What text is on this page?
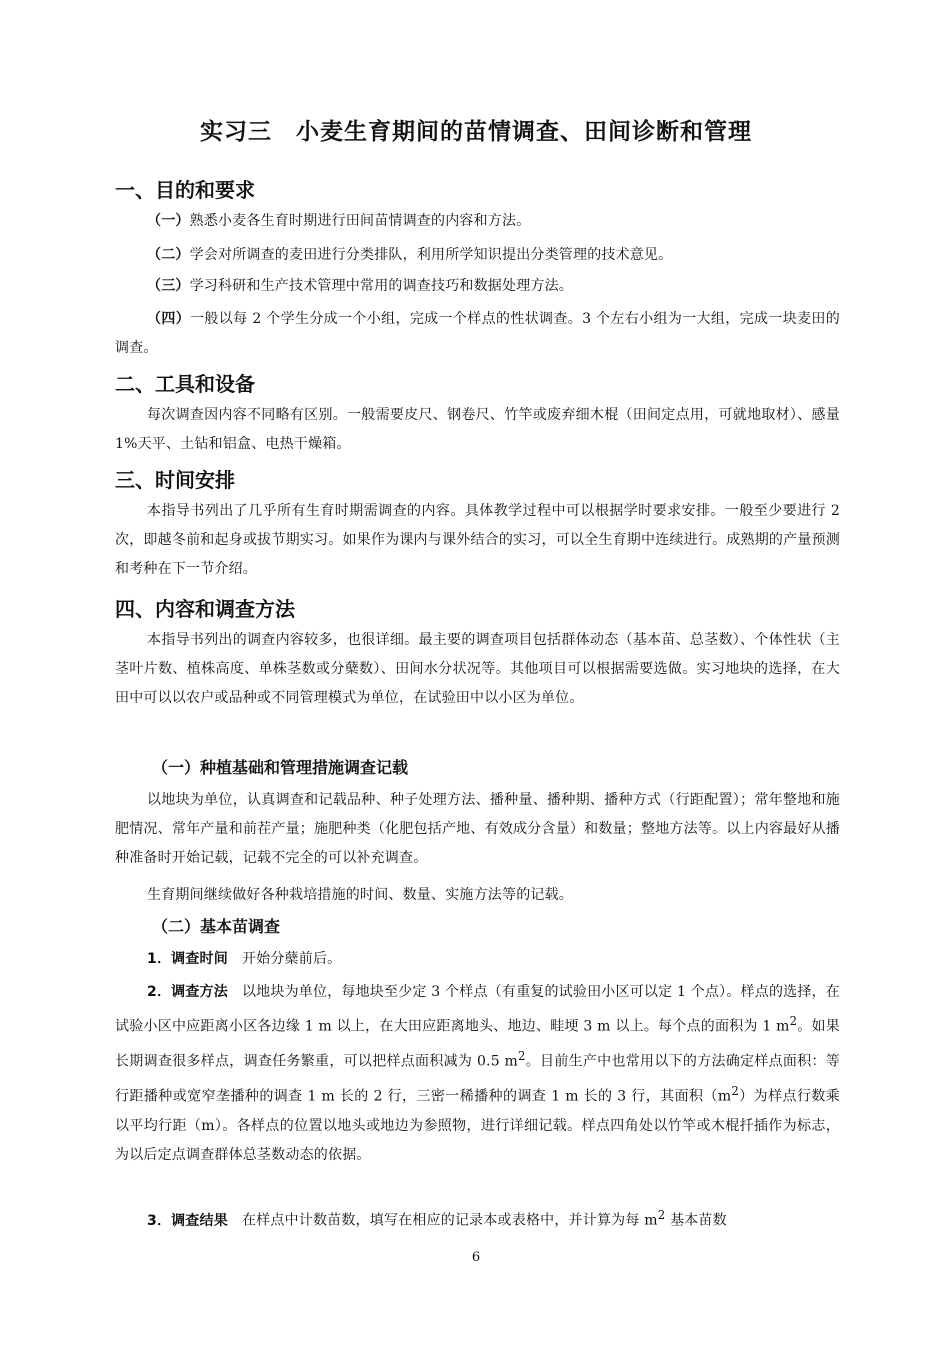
实习三　小麦生育期间的苗情调查、田间诊断和管理
一、目的和要求

（一）熟悉小麦各生育时期进行田间苗情调查的内容和方法。

（二）学会对所调查的麦田进行分类排队，利用所学知识提出分类管理的技术意见。

（三）学习科研和生产技术管理中常用的调查技巧和数据处理方法。

（四）一般以每 2 个学生分成一个小组，完成一个样点的性状调查。3 个左右小组为一大组，完成一块麦田的调查。

二、工具和设备

每次调查因内容不同略有区别。一般需要皮尺、钢卷尺、竹竿或废弃细木棍（田间定点用，可就地取材）、感量 1%天平、土钻和铝盒、电热干燥箱。

三、时间安排

本指导书列出了几乎所有生育时期需调查的内容。具体教学过程中可以根据学时要求安排。一般至少要进行 2 次，即越冬前和起身或拔节期实习。如果作为课内与课外结合的实习，可以全生育期中连续进行。成熟期的产量预测和考种在下一节介绍。

四、内容和调查方法

本指导书列出的调查内容较多，也很详细。最主要的调查项目包括群体动态（基本苗、总茎数）、个体性状（主茎叶片数、植株高度、单株茎数或分蘖数）、田间水分状况等。其他项目可以根据需要选做。实习地块的选择，在大田中可以以农户或品种或不同管理模式为单位，在试验田中以小区为单位。

（一）种植基础和管理措施调查记载

以地块为单位，认真调查和记载品种、种子处理方法、播种量、播种期、播种方式（行距配置）；常年整地和施肥情况、常年产量和前茬产量；施肥种类（化肥包括产地、有效成分含量）和数量；整地方法等。以上内容最好从播种准备时开始记载，记载不完全的可以补充调查。

生育期间继续做好各种栽培措施的时间、数量、实施方法等的记载。

（二）基本苗调查

1．调查时间 开始分蘖前后。

2．调查方法 以地块为单位，每地块至少定 3 个样点（有重复的试验田小区可以定 1 个点）。样点的选择，在试验小区中应距离小区各边缘 1 m 以上，在大田应距离地头、地边、畦埂 3 m 以上。每个点的面积为 1 $m^2$。如果长期调查很多样点，调查任务繁重，可以把样点面积减为 0.5 $m^2$。目前生产中也常用以下的方法确定样点面积：等行距播种或宽窄垄播种的调查 1 m 长的 2 行，三密一稀播种的调查 1 m 长的 3 行，其面积$(m^2)$为样点行数乘以平均行距（m）。各样点的位置以地头或地边为参照物，进行详细记载。样点四角处以竹竿或木棍扦插作为标志，为以后定点调查群体总茎数动态的依据。

3．调查结果 在样点中计数苗数，填写在相应的记录本或表格中，并计算为每 $m^2$ 基本苗数

6
